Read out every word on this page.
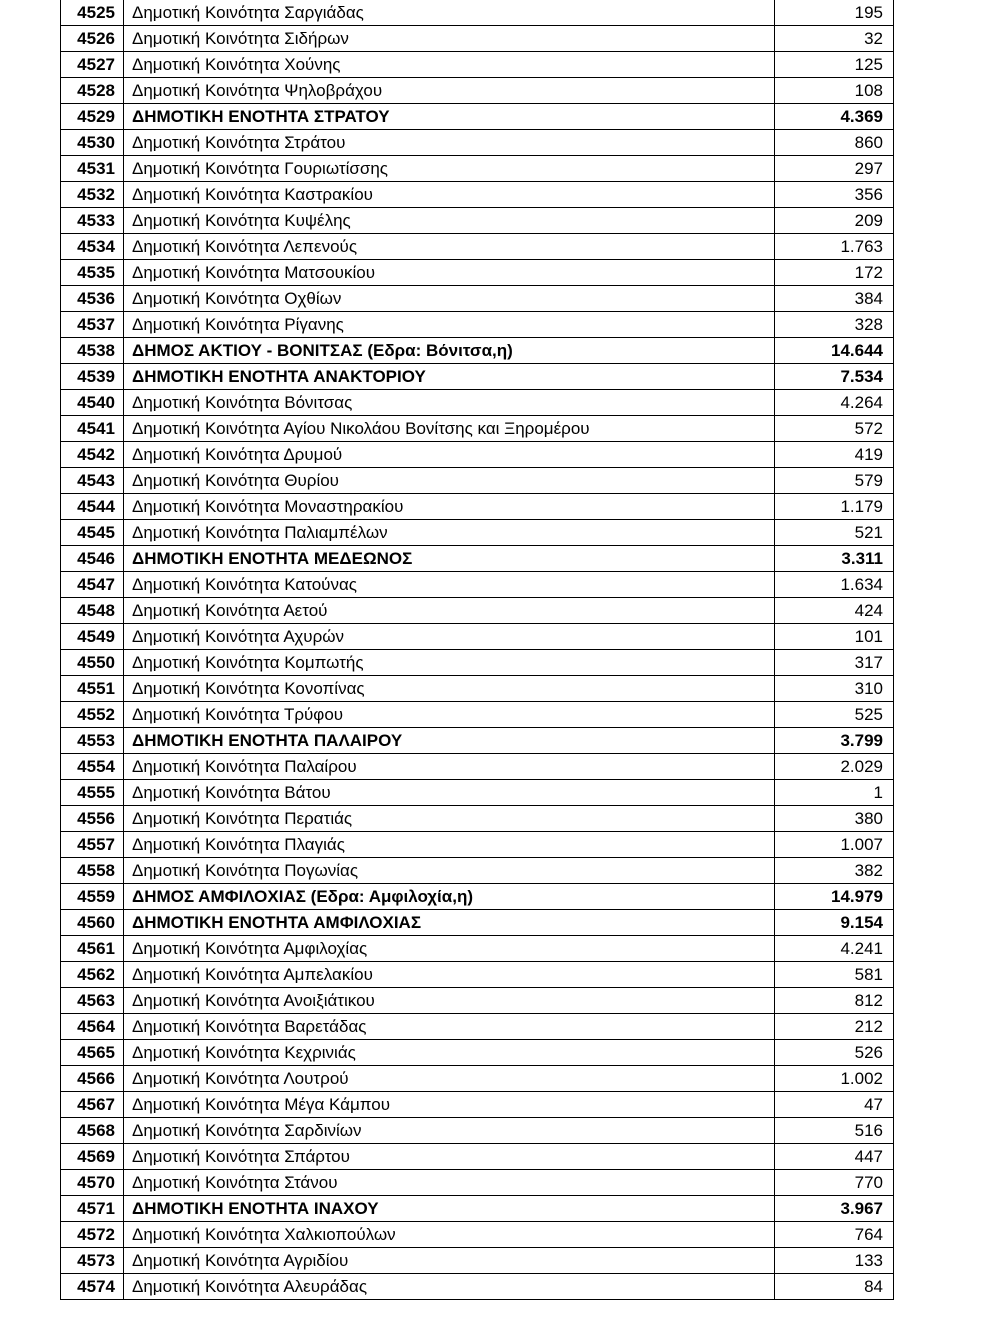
4525	Δημοτική Κοινότητα Σαργιάδας	195
4526	Δημοτική Κοινότητα Σιδήρων	32
4527	Δημοτική Κοινότητα Χούνης	125
4528	Δημοτική Κοινότητα Ψηλοβράχου	108
4529	ΔΗΜΟΤΙΚΗ ΕΝΟΤΗΤΑ ΣΤΡΑΤΟΥ	4.369
4530	Δημοτική Κοινότητα Στράτου	860
4531	Δημοτική Κοινότητα Γουριωτίσσης	297
4532	Δημοτική Κοινότητα Καστρακίου	356
4533	Δημοτική Κοινότητα Κυψέλης	209
4534	Δημοτική Κοινότητα Λεπενούς	1.763
4535	Δημοτική Κοινότητα Ματσουκίου	172
4536	Δημοτική Κοινότητα Οχθίων	384
4537	Δημοτική Κοινότητα Ρίγανης	328
4538	ΔΗΜΟΣ ΑΚΤΙΟΥ - ΒΟΝΙΤΣΑΣ (Εδρα: Βόνιτσα,η)	14.644
4539	ΔΗΜΟΤΙΚΗ ΕΝΟΤΗΤΑ ΑΝΑΚΤΟΡΙΟΥ	7.534
4540	Δημοτική Κοινότητα Βόνιτσας	4.264
4541	Δημοτική Κοινότητα Αγίου Νικολάου Βονίτσης και Ξηρομέρου	572
4542	Δημοτική Κοινότητα Δρυμού	419
4543	Δημοτική Κοινότητα Θυρίου	579
4544	Δημοτική Κοινότητα Μοναστηρακίου	1.179
4545	Δημοτική Κοινότητα Παλιαμπέλων	521
4546	ΔΗΜΟΤΙΚΗ ΕΝΟΤΗΤΑ ΜΕΔΕΩΝΟΣ	3.311
4547	Δημοτική Κοινότητα Κατούνας	1.634
4548	Δημοτική Κοινότητα Αετού	424
4549	Δημοτική Κοινότητα Αχυρών	101
4550	Δημοτική Κοινότητα Κομπωτής	317
4551	Δημοτική Κοινότητα Κονοπίνας	310
4552	Δημοτική Κοινότητα Τρύφου	525
4553	ΔΗΜΟΤΙΚΗ ΕΝΟΤΗΤΑ ΠΑΛΑΙΡΟΥ	3.799
4554	Δημοτική Κοινότητα Παλαίρου	2.029
4555	Δημοτική Κοινότητα Βάτου	1
4556	Δημοτική Κοινότητα Περατιάς	380
4557	Δημοτική Κοινότητα Πλαγιάς	1.007
4558	Δημοτική Κοινότητα Πογωνίας	382
4559	ΔΗΜΟΣ ΑΜΦΙΛΟΧΙΑΣ (Εδρα: Αμφιλοχία,η)	14.979
4560	ΔΗΜΟΤΙΚΗ ΕΝΟΤΗΤΑ ΑΜΦΙΛΟΧΙΑΣ	9.154
4561	Δημοτική Κοινότητα Αμφιλοχίας	4.241
4562	Δημοτική Κοινότητα Αμπελακίου	581
4563	Δημοτική Κοινότητα Ανοιξιάτικου	812
4564	Δημοτική Κοινότητα Βαρετάδας	212
4565	Δημοτική Κοινότητα Κεχρινιάς	526
4566	Δημοτική Κοινότητα Λουτρού	1.002
4567	Δημοτική Κοινότητα Μέγα Κάμπου	47
4568	Δημοτική Κοινότητα Σαρδινίων	516
4569	Δημοτική Κοινότητα Σπάρτου	447
4570	Δημοτική Κοινότητα Στάνου	770
4571	ΔΗΜΟΤΙΚΗ ΕΝΟΤΗΤΑ ΙΝΑΧΟΥ	3.967
4572	Δημοτική Κοινότητα Χαλκιοπούλων	764
4573	Δημοτική Κοινότητα Αγριδίου	133
4574	Δημοτική Κοινότητα Αλευράδας	84
